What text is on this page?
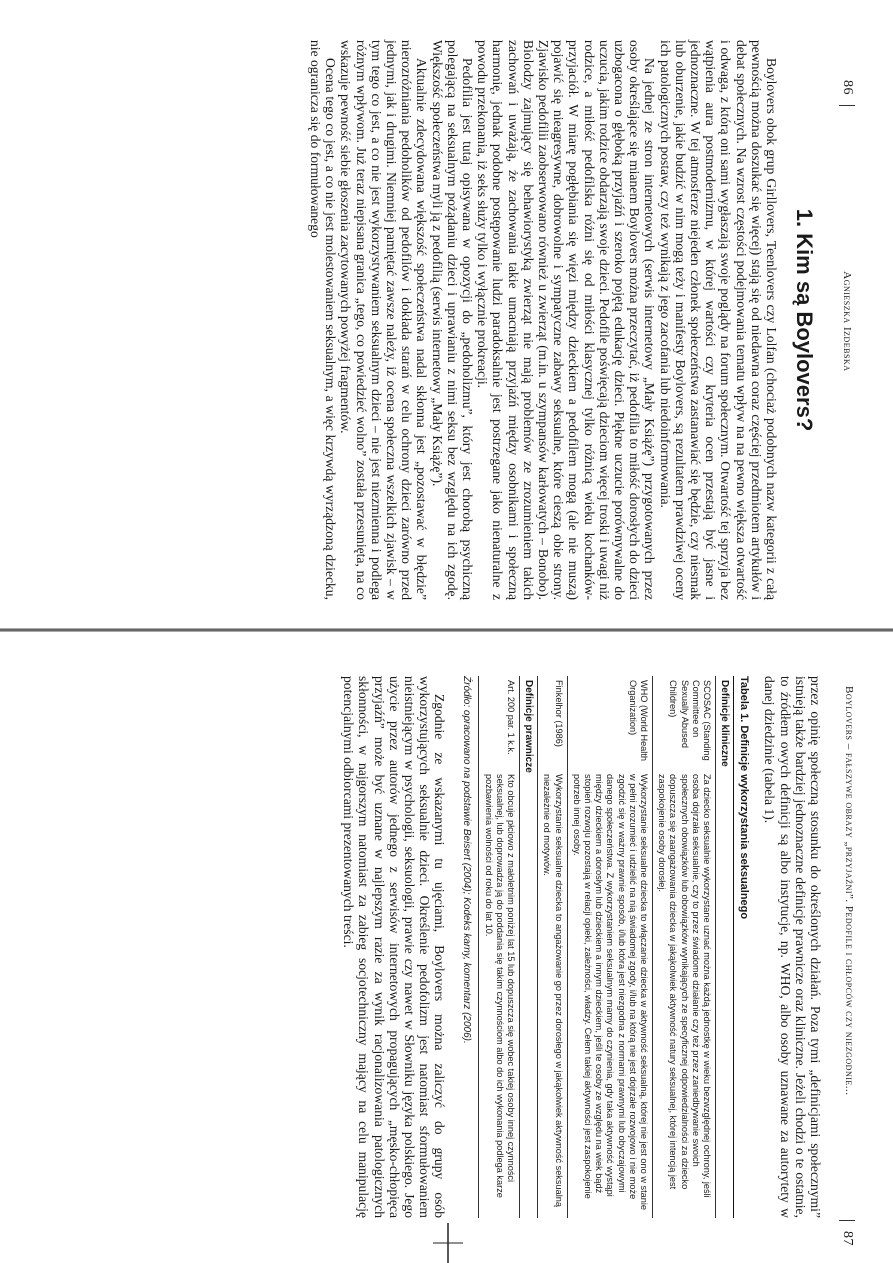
86 Agnieszka Izdebska
1. Kim są Boylovers?

Boylovers obok grup Girllovers, Teenlovers czy Lolfan (chociaż podobnych nazw kategorii z całą pewnością można doszukać się więcej) stają się od niedawna coraz częściej przedmiotem artykułów i debat społecznych. Na wzrost częstości podejmowania tematu wpływ na na pewno większa otwartość i odwaga, z którą oni sami wygłaszają swoje poglądy na forum społecznym. Otwartość tej sprzyja bez wątpienia aura postmodernizmu, w której wartości czy kryteria ocen przestają być jasne i jednoznaczne. W tej atmosferze niejeden członek społeczeństwa zastanawiać się będzie, czy niesmak lub oburzenie, jakie budzić w nim mogą teży i manifesty Boylovers, są rezultatem prawdziwej oceny ich patologicznych postaw, czy też wynikają z jego zacofania lub niedoinformowania.

Na jednej ze stron internetowych (serwis internetowy „Mały Książę”) przygotowanych przez osoby określające się mianem Boylovers można przeczytać, iż pedofilia to miłość dorosłych do dzieci uzbogacona o głęboką przyjaźń i szeroko pojętą edukację dzieci. Piękne uczucie porównywalne do uczucia, jakim rodzice obdarzają swoje dzieci. Pedofile poświęcają dzieciom więcej troski i uwagi niż rodzice, a miłość pedofilska różni się od miłości klasycznej tylko różnicą wieku kochanków-przyjaciół. W miarę pogłębiania się więzi między dzieckiem a pedofilem mogą (ale nie muszą) pojawić się nieagresywne, dobrowolne i sympatyczne zabawy seksualne, które cieszą obie strony. Zjawisko pedofilii zaobserwowano również u zwierząt (m.in. u szympansów karłowatych – Bonobo). Biolodzy zajmujący się behawiorystyką zwierząt nie mają problemów ze zrozumieniem takich zachowań i uważają, że zachowania takie umacniają przyjaźń między osobnikami i społeczną harmonię, jednak podobne postępowanie ludzi paradoksalnie jest postrzegane jako nienaturalne z powodu przekonania, iż seks służy tylko i wyłącznie prokreacji.

Pedofilia jest tutaj opisywana w opozycji do „pedoholizmu”, który jest chorobą psychiczną polegającą na seksualnym pożądaniu dzieci i uprawianiu z nimi seksu bez względu na ich zgodę. Większość społeczeństwa myli ją z pedofilią (serwis internetowy „Mały Książę”).

Aktualnie zdecydowana większość społeczeństwa nadal skłonna jest „pozostawać w błędzie” nierozróżniania pedoholików od pedofilów i dokłada starań w celu ochrony dzieci zarówno przed jednymi, jak i drugimi. Niemniej pamiętać zawsze należy, iż ocena społeczna wszelkich zjawisk – w tym tego co jest, a co nie jest wykorzystywaniem seksualnym dzieci – nie jest niezmienna i podlega różnym wpływom. Już teraz niepisana granica „tego, co powiedzieć wolno” została przesunięta, na co wskazuje pewność siebie głoszenia zacytowanych powyżej fragmentów.

Ocena tego co jest, a co nie jest molestowaniem seksualnym, a więc krzywdą wyrządzoną dziecku, nie ogranicza się do formułowanego

Boylovers – fałszywe obrazy „przyjaźni”. Pedofile i chłopców czy niezgodnie...
87

przez opinię społeczną stosunku do określonych działań. Poza tymi „definicjami społecznymi” istnieją także bardziej jednoznaczne definicje prawnicze oraz kliniczne. Jeżeli chodzi o te ostatnie, to źródłem owych definicji są albo instytucje, np. WHO, albo osoby uznawane za autorytety w danej dziedzinie (tabela 1).

Tabela 1. Definicje wykorzystania seksualnego
Definicje kliniczne	
SCOSAC (Standing Committee on Sexually Abused Children)	Za dziecko seksualnie wykorzystane uznać można każdą jednostkę w wieku bezwzględnej ochrony, jeśli osoba dojrzała seksualnie, czy to przez świadome działanie czy też przez zaniedbywanie swoich społecznych obowiązków lub obowiązków wynikających ze specyficznej odpowiedzialności za dziecko dopuszcza się zaangażowania dziecka w jakąkolwiek aktywność natury seksualnej, której intencją jest zaspokojenie osoby dorosłej.
WHO (World Health Organization)	Wykorzystanie seksualne dziecka to włączanie dziecka w aktywność seksualną, której nie jest ono w stanie w pełni zrozumieć i udzielić na nią świadomej zgody, i/lub na którą nie jest dojrzałe rozwojowo i nie może zgodzić się w ważny prawnie sposób, i/lub która jest niezgodna z normami prawnymi lub obyczajowymi danego społeczeństwa. Z wykorzystaniem seksualnym mamy do czynienia, gdy taka aktywność wystąpi między dzieckiem a dorosłym lub dzieckiem a innym dzieckiem, jeśli te osoby ze względu na wiek bądź stopień rozwoju pozostają w relacji opieki, zależności, władzy. Celem takiej aktywności jest zaspokojenie potrzeb innej osoby.
Finkelhor (1986)	Wykorzystanie seksualne dziecka to angażowanie go przez dorosłego w jakąkolwiek aktywność seksualną niezależnie od motywów.
Definicje prawnicze	
Art. 200 par. 1 k.k.	Kto obcuje płciowo z małoletnim poniżej lat 15 lub dopuszcza się wobec takiej osoby innej czynności seksualnej, lub doprowadza ją do poddania się takim czynnościom albo do ich wykonania podlega karze pozbawienia wolności od roku do lat 10.
Źródło: opracowano na podstawie Beisert (2004); Kodeks karny, komentarz (2006).

Zgodnie ze wskazanymi tu ujęciami, Boylovers można zaliczyć do grupy osób wykorzystujących seksualnie dzieci. Określenie pedofolizm jest natomiast sformułowaniem nieistniejącym w psychologii, seksuologii, prawie czy nawet w Słowniku języka polskiego. Jego użycie przez autorów jednego z serwisów internetowych propagujących „męsko-chłopięca przyjaźń” może być uznane w najlepszym razie za wynik racjonalizowania patologicznych skłonności, w najgorszym natomiast za zabieg socjotechniczny mający na celu manipulację potencjalnymi odbiorcami prezentowanych treści.
